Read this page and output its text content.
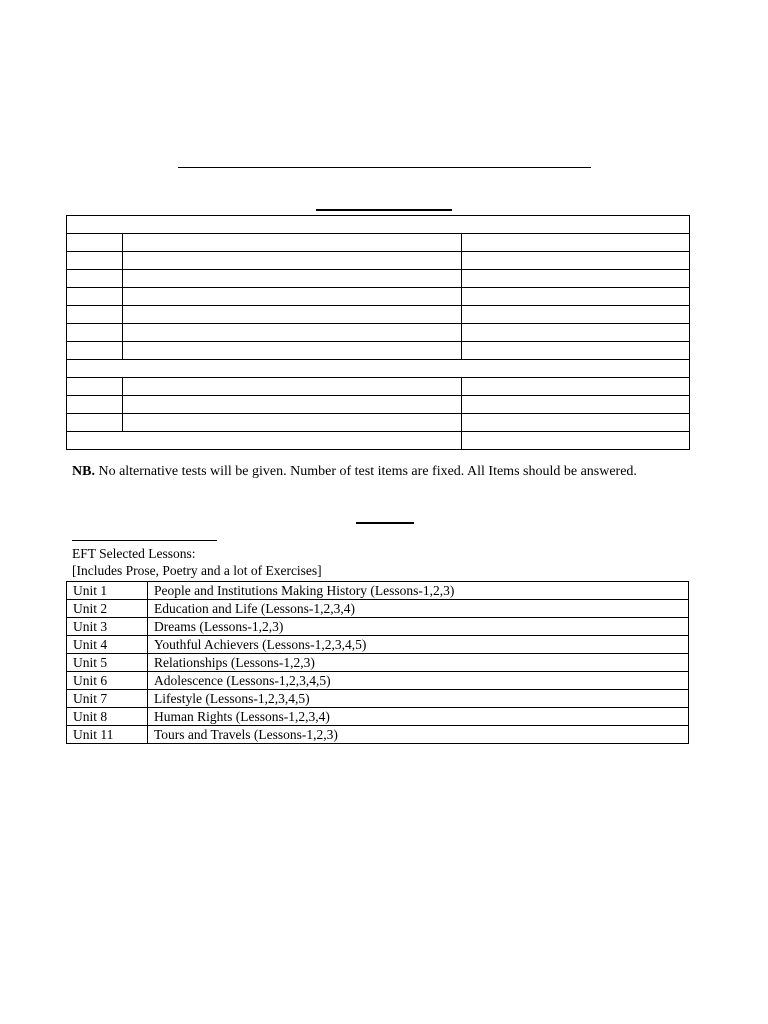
NB. No alternative tests will be given. Number of test items are fixed. All Items should be answered.
EFT Selected Lessons:
[Includes Prose, Poetry and a lot of Exercises]
Unit 1	People and Institutions Making History (Lessons-1,2,3)
Unit 2	Education and Life (Lessons-1,2,3,4)
Unit 3	Dreams (Lessons-1,2,3)
Unit 4	Youthful Achievers (Lessons-1,2,3,4,5)
Unit 5	Relationships (Lessons-1,2,3)
Unit 6	Adolescence (Lessons-1,2,3,4,5)
Unit 7	Lifestyle (Lessons-1,2,3,4,5)
Unit 8	Human Rights (Lessons-1,2,3,4)
Unit 11	Tours and Travels (Lessons-1,2,3)
